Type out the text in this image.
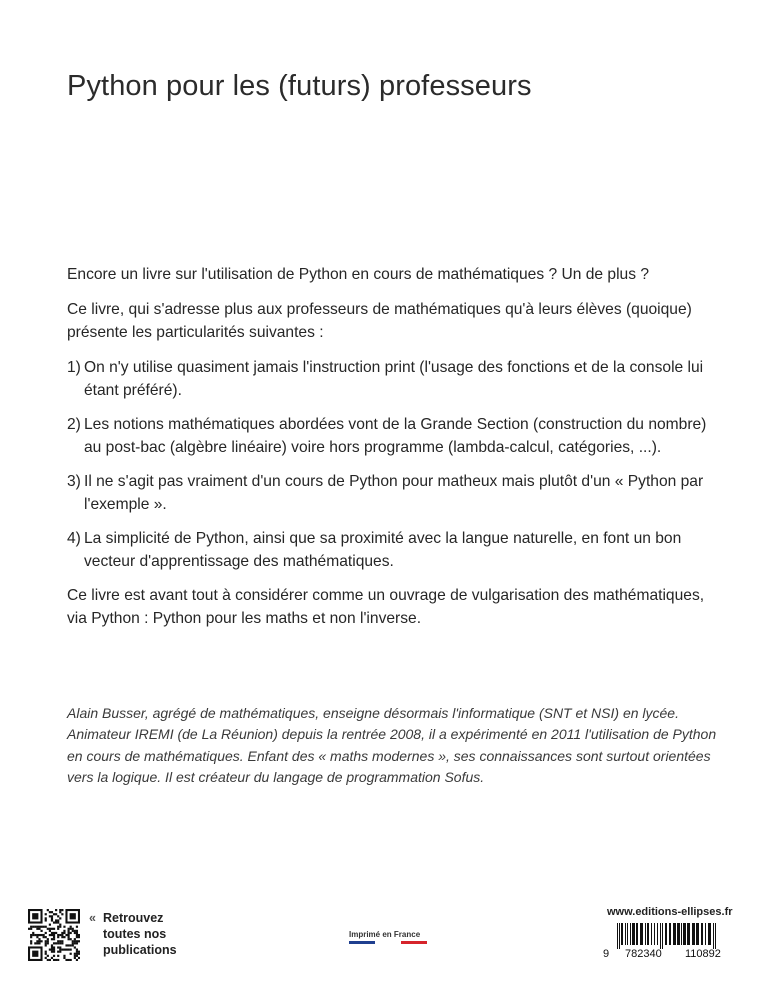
Python pour les (futurs) professeurs

Encore un livre sur l'utilisation de Python en cours de mathématiques ? Un de plus ?

Ce livre, qui s'adresse plus aux professeurs de mathématiques qu'à leurs élèves (quoique) présente les particularités suivantes :

1) On n'y utilise quasiment jamais l'instruction print (l'usage des fonctions et de la console lui étant préféré).
2) Les notions mathématiques abordées vont de la Grande Section (construction du nombre) au post-bac (algèbre linéaire) voire hors programme (lambda-calcul, catégories, ...).
3) Il ne s'agit pas vraiment d'un cours de Python pour matheux mais plutôt d'un « Python par l'exemple ».
4) La simplicité de Python, ainsi que sa proximité avec la langue naturelle, en font un bon vecteur d'apprentissage des mathématiques.

Ce livre est avant tout à considérer comme un ouvrage de vulgarisation des mathématiques, via Python : Python pour les maths et non l'inverse.

Alain Busser, agrégé de mathématiques, enseigne désormais l'informatique (SNT et NSI) en lycée. Animateur IREMI (de La Réunion) depuis la rentrée 2008, il a expérimenté en 2011 l'utilisation de Python en cours de mathématiques. Enfant des « maths modernes », ses connaissances sont surtout orientées vers la logique. Il est créateur du langage de programmation Sofus.
« Retrouvez
toutes nos
publications
Imprimé en France
www.editions-ellipses.fr
9 782340 110892
